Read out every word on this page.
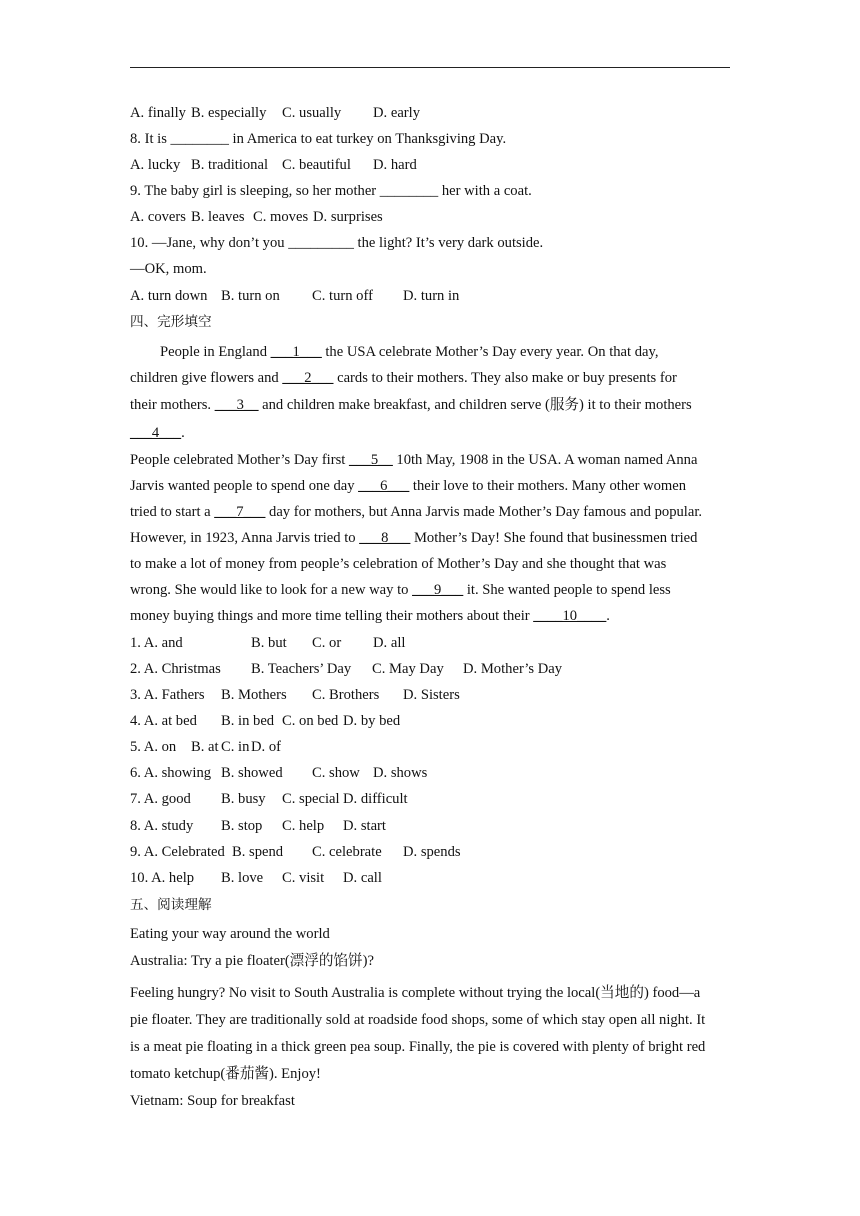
A. finally B. especially C. usually D. early
8. It is ________ in America to eat turkey on Thanksgiving Day.
A. lucky B. traditional C. beautiful D. hard
9. The baby girl is sleeping, so her mother ________ her with a coat.
A. covers B. leaves C. moves D. surprises
10. —Jane, why don’t you _________ the light? It’s very dark outside.
—OK, mom.
A. turn down B. turn on C. turn off D. turn in
四、完形填空
People in England ___1___ the USA celebrate Mother’s Day every year. On that day,
children give flowers and ___2___ cards to their mothers. They also make or buy presents for
their mothers. ___3__ and children make breakfast, and children serve (服务) it to their mothers
___4___.
People celebrated Mother’s Day first ___5__ 10th May, 1908 in the USA. A woman named Anna
Jarvis wanted people to spend one day ___6___ their love to their mothers. Many other women
tried to start a ___7___ day for mothers, but Anna Jarvis made Mother’s Day famous and popular.
However, in 1923, Anna Jarvis tried to ___8___ Mother’s Day! She found that businessmen tried
to make a lot of money from people’s celebration of Mother’s Day and she thought that was
wrong. She would like to look for a new way to ___9___ it. She wanted people to spend less
money buying things and more time telling their mothers about their ____10____.
1. A. and	B. but C. or D. all
2. A. Christmas B. Teachers’ Day C. May Day D. Mother’s Day
3. A. Fathers B. Mothers C. Brothers D. Sisters
4. A. at bed B. in bed C. on bed D. by bed
5. A. on B. at C. in D. of
6. A. showing B. showed C. show D. shows
7. A. good B. busy C. special D. difficult
8. A. study B. stop C. help D. start
9. A. Celebrated B. spend C. celebrate D. spends
10. A. help B. love C. visit D. call
五、阅读理解
Eating your way around the world
Australia: Try a pie floater(漂浮的馅饼)?
Feeling hungry? No visit to South Australia is complete without trying the local(当地的) food—a
pie floater. They are traditionally sold at roadside food shops, some of which stay open all night. It
is a meat pie floating in a thick green pea soup. Finally, the pie is covered with plenty of bright red
tomato ketchup(番茄酱). Enjoy!
Vietnam: Soup for breakfast
